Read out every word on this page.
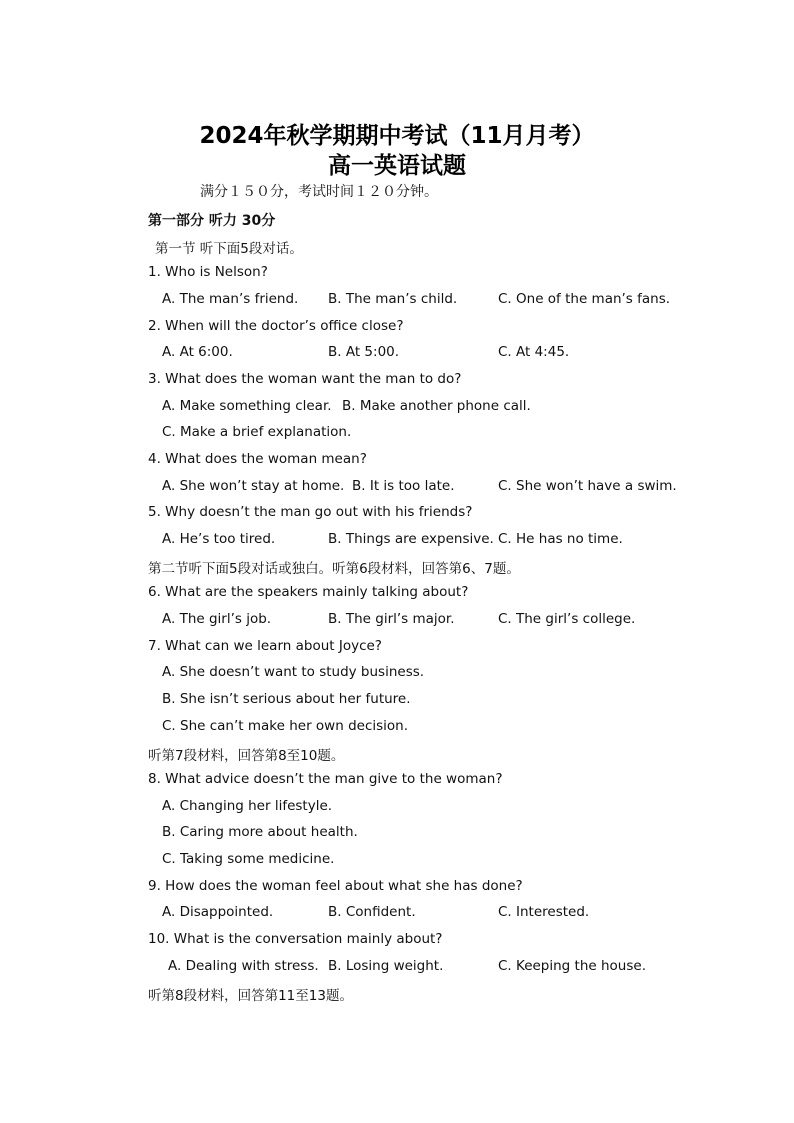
2024年秋学期期中考试（11月月考）
高一英语试题
满分１５０分，考试时间１２０分钟。
第一部分 听力 30分
第一节 听下面5段对话。
1. Who is Nelson?
A. The man’s friend. B. The man’s child.	C. One of the man’s fans.
2. When will the doctor’s office close?
A. At 6:00.	B. At 5:00.	C. At 4:45.
3. What does the woman want the man to do?
A. Make something clear. B. Make another phone call.
C. Make a brief explanation.
4. What does the woman mean?
A. She won’t stay at home. B. It is too late.	C. She won’t have a swim.
5. Why doesn’t the man go out with his friends?
A. He’s too tired.	B. Things are expensive. C. He has no time.
第二节听下面5段对话或独白。听第6段材料，回答第6、7题。
6. What are the speakers mainly talking about?
A. The girl’s job.	B. The girl’s major.	C. The girl’s college.
7. What can we learn about Joyce?
A. She doesn’t want to study business.
B. She isn’t serious about her future.
C. She can’t make her own decision.
听第7段材料，回答第8至10题。
8. What advice doesn’t the man give to the woman?
A. Changing her lifestyle.
B. Caring more about health.
C. Taking some medicine.
9. How does the woman feel about what she has done?
A. Disappointed.	B. Confident.	C. Interested.
10. What is the conversation mainly about?
A. Dealing with stress. B. Losing weight.	C. Keeping the house.
听第8段材料，回答第11至13题。
